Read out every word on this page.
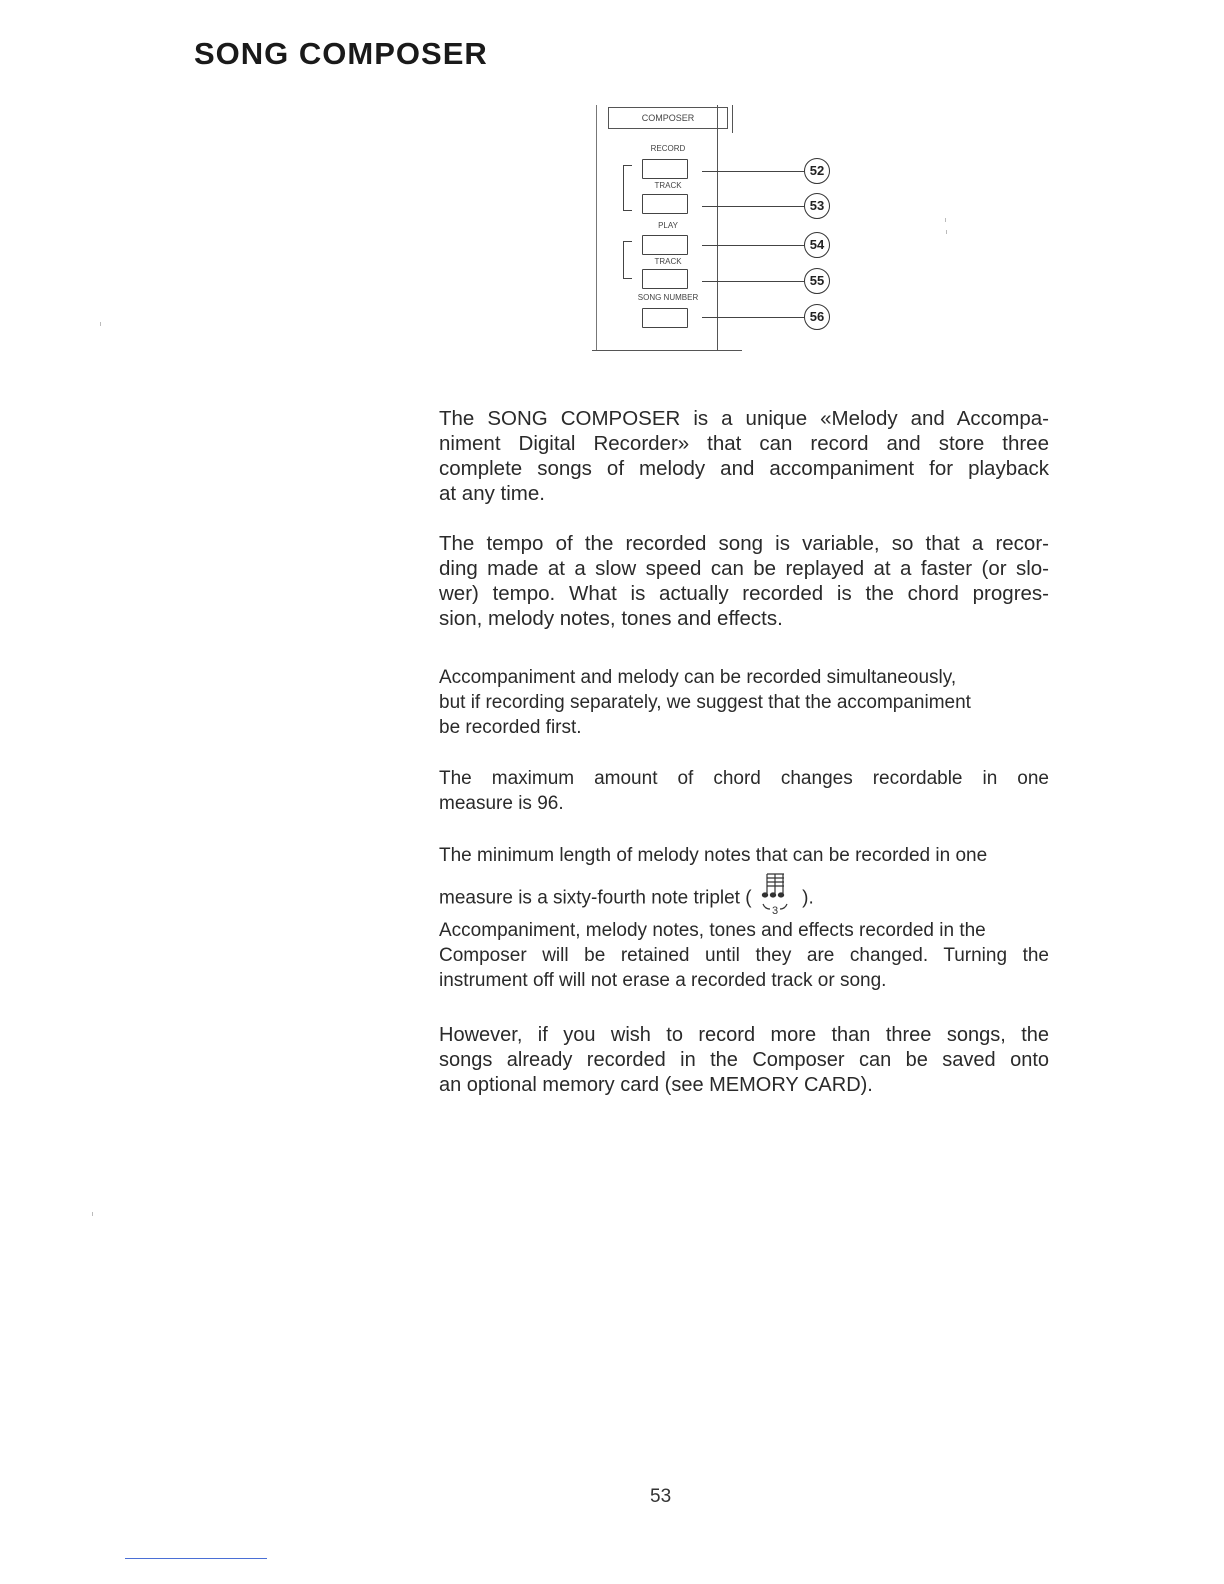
SONG COMPOSER
COMPOSER
RECORD
TRACK
PLAY
TRACK
SONG NUMBER
52
53
54
55
56
The SONG COMPOSER is a unique «Melody and Accompa-
niment Digital Recorder» that can record and store three
complete songs of melody and accompaniment for playback
at any time.
The tempo of the recorded song is variable, so that a recor-
ding made at a slow speed can be replayed at a faster (or slo-
wer) tempo. What is actually recorded is the chord progres-
sion, melody notes, tones and effects.
Accompaniment and melody can be recorded simultaneously,
but if recording separately, we suggest that the accompaniment
be recorded first.
The maximum amount of chord changes recordable in one
measure is 96.
The minimum length of melody notes that can be recorded in one
measure is a sixty-fourth note triplet (
3
).
Accompaniment, melody notes, tones and effects recorded in the
Composer will be retained until they are changed. Turning the
instrument off will not erase a recorded track or song.
However, if you wish to record more than three songs, the
songs already recorded in the Composer can be saved onto
an optional memory card (see MEMORY CARD).
53
